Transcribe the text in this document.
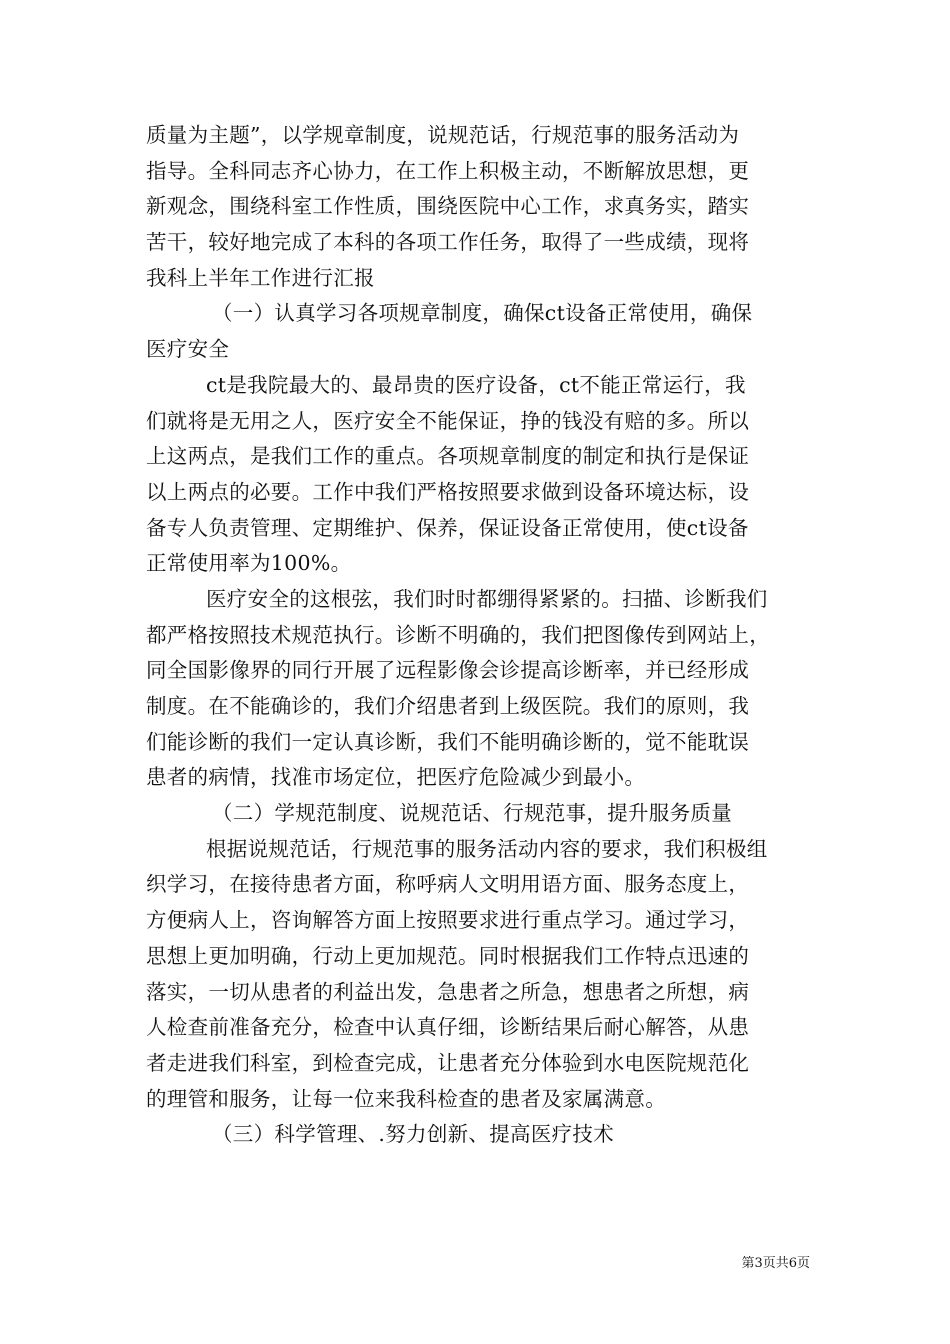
质量为主题”，以学规章制度，说规范话，行规范事的服务活动为
指导。全科同志齐心协力，在工作上积极主动，不断解放思想，更
新观念，围绕科室工作性质，围绕医院中心工作，求真务实，踏实
苦干，较好地完成了本科的各项工作任务，取得了一些成绩，现将
我科上半年工作进行汇报
（一）认真学习各项规章制度，确保ct设备正常使用，确保
医疗安全
ct是我院最大的、最昂贵的医疗设备，ct不能正常运行，我
们就将是无用之人，医疗安全不能保证，挣的钱没有赔的多。所以
上这两点，是我们工作的重点。各项规章制度的制定和执行是保证
以上两点的必要。工作中我们严格按照要求做到设备环境达标，设
备专人负责管理、定期维护、保养，保证设备正常使用，使ct设备
正常使用率为100%。
医疗安全的这根弦，我们时时都绷得紧紧的。扫描、诊断我们
都严格按照技术规范执行。诊断不明确的，我们把图像传到网站上，
同全国影像界的同行开展了远程影像会诊提高诊断率，并已经形成
制度。在不能确诊的，我们介绍患者到上级医院。我们的原则，我
们能诊断的我们一定认真诊断，我们不能明确诊断的，觉不能耽误
患者的病情，找准市场定位，把医疗危险减少到最小。
（二）学规范制度、说规范话、行规范事，提升服务质量
根据说规范话，行规范事的服务活动内容的要求，我们积极组
织学习，在接待患者方面，称呼病人文明用语方面、服务态度上，
方便病人上，咨询解答方面上按照要求进行重点学习。通过学习，
思想上更加明确，行动上更加规范。同时根据我们工作特点迅速的
落实，一切从患者的利益出发，急患者之所急，想患者之所想，病
人检查前准备充分，检查中认真仔细，诊断结果后耐心解答，从患
者走进我们科室，到检查完成，让患者充分体验到水电医院规范化
的理管和服务，让每一位来我科检查的患者及家属满意。
（三）科学管理、.努力创新、提高医疗技术
第3页共6页
